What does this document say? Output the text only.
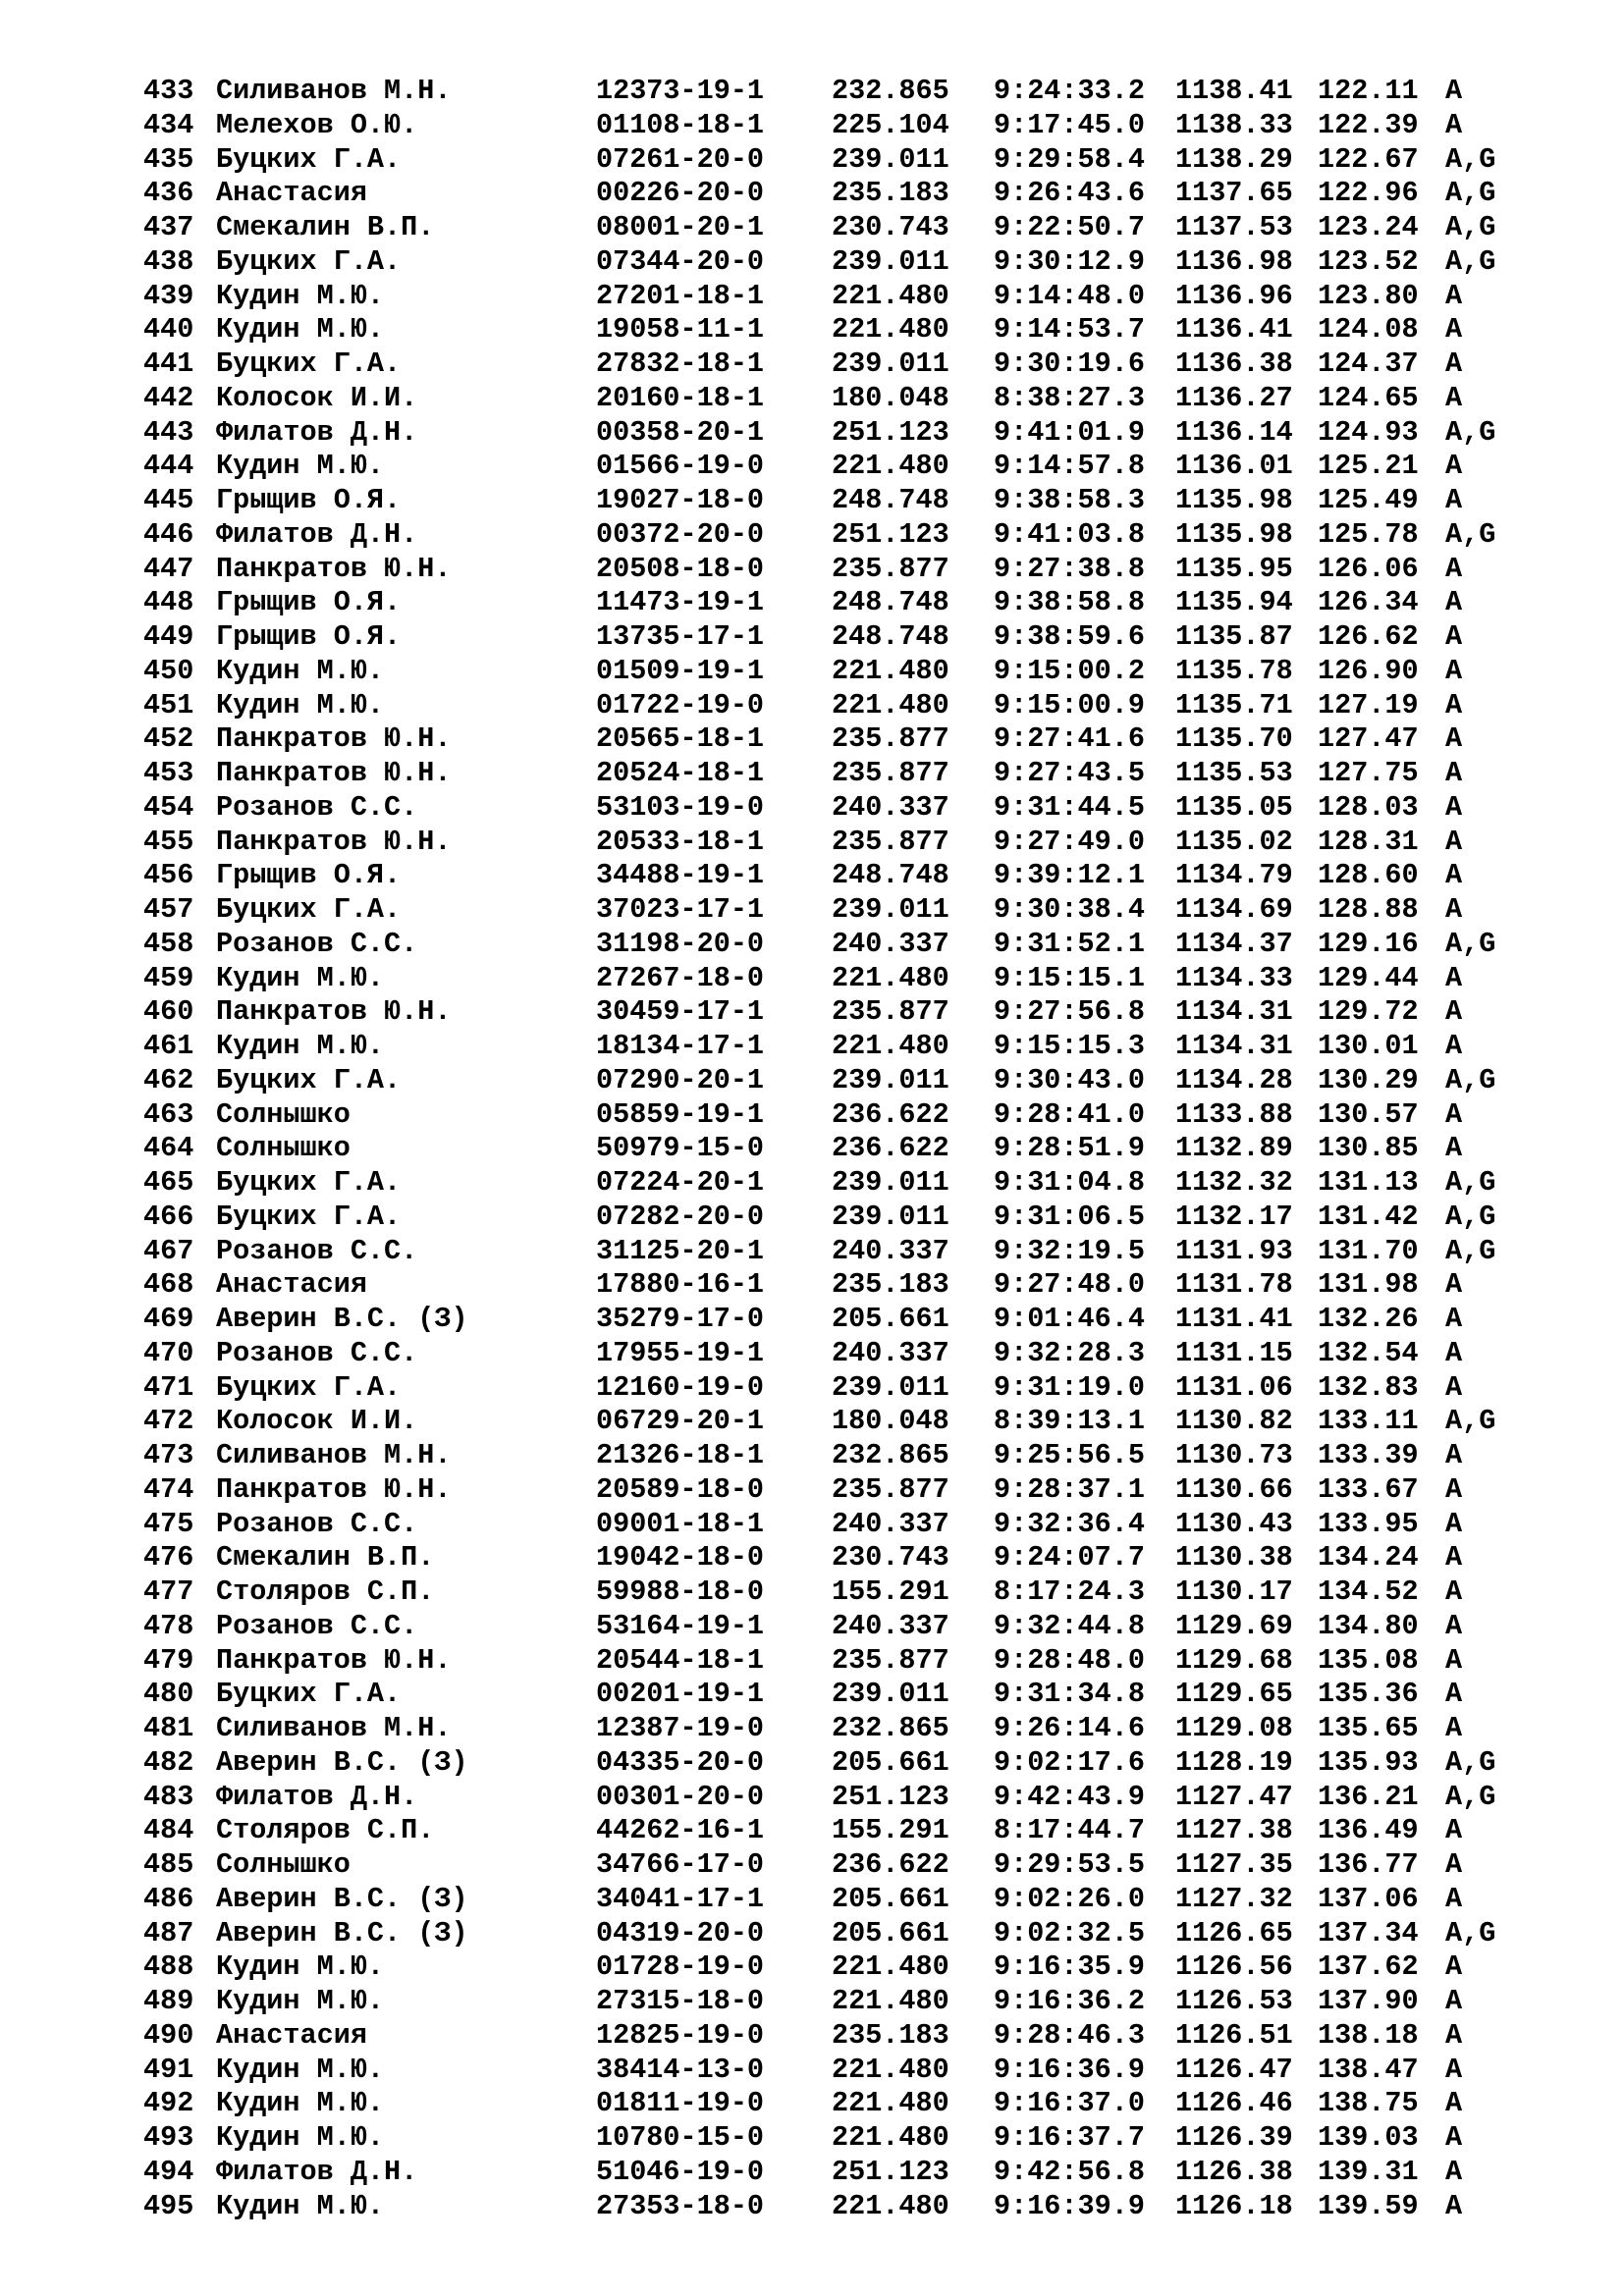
433 Силиванов М.Н.	12373-19-1 232.865 9:24:33.2 1138.41 122.11 A
434 Мелехов О.Ю.	01108-18-1 225.104 9:17:45.0 1138.33 122.39 A
435 Буцких Г.А.	07261-20-0 239.011 9:29:58.4 1138.29 122.67 A,G
436 Анастасия	00226-20-0 235.183 9:26:43.6 1137.65 122.96 A,G
437 Смекалин В.П.	08001-20-1 230.743 9:22:50.7 1137.53 123.24 A,G
438 Буцких Г.А.	07344-20-0 239.011 9:30:12.9 1136.98 123.52 A,G
439 Кудин М.Ю.	27201-18-1 221.480 9:14:48.0 1136.96 123.80 A
440 Кудин М.Ю.	19058-11-1 221.480 9:14:53.7 1136.41 124.08 A
441 Буцких Г.А.	27832-18-1 239.011 9:30:19.6 1136.38 124.37 A
442 Колосок И.И.	20160-18-1 180.048 8:38:27.3 1136.27 124.65 A
443 Филатов Д.Н.	00358-20-1 251.123 9:41:01.9 1136.14 124.93 A,G
444 Кудин М.Ю.	01566-19-0 221.480 9:14:57.8 1136.01 125.21 A
445 Грыщив О.Я.	19027-18-0 248.748 9:38:58.3 1135.98 125.49 A
446 Филатов Д.Н.	00372-20-0 251.123 9:41:03.8 1135.98 125.78 A,G
447 Панкратов Ю.Н.	20508-18-0 235.877 9:27:38.8 1135.95 126.06 A
448 Грыщив О.Я.	11473-19-1 248.748 9:38:58.8 1135.94 126.34 A
449 Грыщив О.Я.	13735-17-1 248.748 9:38:59.6 1135.87 126.62 A
450 Кудин М.Ю.	01509-19-1 221.480 9:15:00.2 1135.78 126.90 A
451 Кудин М.Ю.	01722-19-0 221.480 9:15:00.9 1135.71 127.19 A
452 Панкратов Ю.Н.	20565-18-1 235.877 9:27:41.6 1135.70 127.47 A
453 Панкратов Ю.Н.	20524-18-1 235.877 9:27:43.5 1135.53 127.75 A
454 Розанов С.С.	53103-19-0 240.337 9:31:44.5 1135.05 128.03 A
455 Панкратов Ю.Н.	20533-18-1 235.877 9:27:49.0 1135.02 128.31 A
456 Грыщив О.Я.	34488-19-1 248.748 9:39:12.1 1134.79 128.60 A
457 Буцких Г.А.	37023-17-1 239.011 9:30:38.4 1134.69 128.88 A
458 Розанов С.С.	31198-20-0 240.337 9:31:52.1 1134.37 129.16 A,G
459 Кудин М.Ю.	27267-18-0 221.480 9:15:15.1 1134.33 129.44 A
460 Панкратов Ю.Н.	30459-17-1 235.877 9:27:56.8 1134.31 129.72 A
461 Кудин М.Ю.	18134-17-1 221.480 9:15:15.3 1134.31 130.01 A
462 Буцких Г.А.	07290-20-1 239.011 9:30:43.0 1134.28 130.29 A,G
463 Солнышко	05859-19-1 236.622 9:28:41.0 1133.88 130.57 A
464 Солнышко	50979-15-0 236.622 9:28:51.9 1132.89 130.85 A
465 Буцких Г.А.	07224-20-1 239.011 9:31:04.8 1132.32 131.13 A,G
466 Буцких Г.А.	07282-20-0 239.011 9:31:06.5 1132.17 131.42 A,G
467 Розанов С.С.	31125-20-1 240.337 9:32:19.5 1131.93 131.70 A,G
468 Анастасия	17880-16-1 235.183 9:27:48.0 1131.78 131.98 A
469 Аверин В.С. (З)	35279-17-0 205.661 9:01:46.4 1131.41 132.26 A
470 Розанов С.С.	17955-19-1 240.337 9:32:28.3 1131.15 132.54 A
471 Буцких Г.А.	12160-19-0 239.011 9:31:19.0 1131.06 132.83 A
472 Колосок И.И.	06729-20-1 180.048 8:39:13.1 1130.82 133.11 A,G
473 Силиванов М.Н.	21326-18-1 232.865 9:25:56.5 1130.73 133.39 A
474 Панкратов Ю.Н.	20589-18-0 235.877 9:28:37.1 1130.66 133.67 A
475 Розанов С.С.	09001-18-1 240.337 9:32:36.4 1130.43 133.95 A
476 Смекалин В.П.	19042-18-0 230.743 9:24:07.7 1130.38 134.24 A
477 Столяров С.П.	59988-18-0 155.291 8:17:24.3 1130.17 134.52 A
478 Розанов С.С.	53164-19-1 240.337 9:32:44.8 1129.69 134.80 A
479 Панкратов Ю.Н.	20544-18-1 235.877 9:28:48.0 1129.68 135.08 A
480 Буцких Г.А.	00201-19-1 239.011 9:31:34.8 1129.65 135.36 A
481 Силиванов М.Н.	12387-19-0 232.865 9:26:14.6 1129.08 135.65 A
482 Аверин В.С. (З)	04335-20-0 205.661 9:02:17.6 1128.19 135.93 A,G
483 Филатов Д.Н.	00301-20-0 251.123 9:42:43.9 1127.47 136.21 A,G
484 Столяров С.П.	44262-16-1 155.291 8:17:44.7 1127.38 136.49 A
485 Солнышко	34766-17-0 236.622 9:29:53.5 1127.35 136.77 A
486 Аверин В.С. (З)	34041-17-1 205.661 9:02:26.0 1127.32 137.06 A
487 Аверин В.С. (З)	04319-20-0 205.661 9:02:32.5 1126.65 137.34 A,G
488 Кудин М.Ю.	01728-19-0 221.480 9:16:35.9 1126.56 137.62 A
489 Кудин М.Ю.	27315-18-0 221.480 9:16:36.2 1126.53 137.90 A
490 Анастасия	12825-19-0 235.183 9:28:46.3 1126.51 138.18 A
491 Кудин М.Ю.	38414-13-0 221.480 9:16:36.9 1126.47 138.47 A
492 Кудин М.Ю.	01811-19-0 221.480 9:16:37.0 1126.46 138.75 A
493 Кудин М.Ю.	10780-15-0 221.480 9:16:37.7 1126.39 139.03 A
494 Филатов Д.Н.	51046-19-0 251.123 9:42:56.8 1126.38 139.31 A
495 Кудин М.Ю.	27353-18-0 221.480 9:16:39.9 1126.18 139.59 A
